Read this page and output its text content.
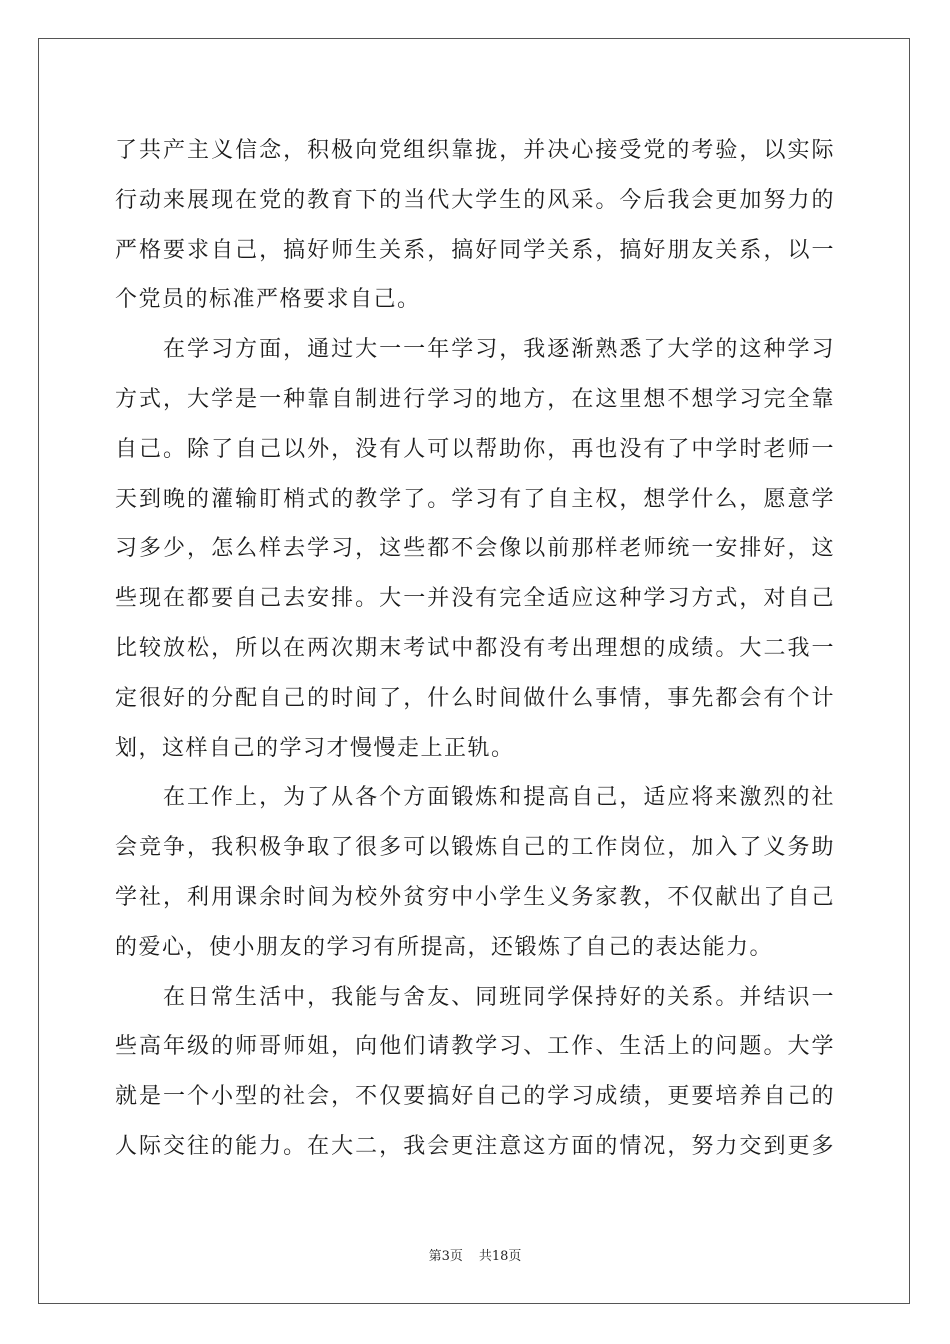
了共产主义信念，积极向党组织靠拢，并决心接受党的考验，以实际
行动来展现在党的教育下的当代大学生的风采。今后我会更加努力的
严格要求自己，搞好师生关系，搞好同学关系，搞好朋友关系，以一
个党员的标准严格要求自己。
在学习方面，通过大一一年学习，我逐渐熟悉了大学的这种学习
方式，大学是一种靠自制进行学习的地方，在这里想不想学习完全靠
自己。除了自己以外，没有人可以帮助你，再也没有了中学时老师一
天到晚的灌输盯梢式的教学了。学习有了自主权，想学什么，愿意学
习多少，怎么样去学习，这些都不会像以前那样老师统一安排好，这
些现在都要自己去安排。大一并没有完全适应这种学习方式，对自己
比较放松，所以在两次期末考试中都没有考出理想的成绩。大二我一
定很好的分配自己的时间了，什么时间做什么事情，事先都会有个计
划，这样自己的学习才慢慢走上正轨。
在工作上，为了从各个方面锻炼和提高自己，适应将来激烈的社
会竞争，我积极争取了很多可以锻炼自己的工作岗位，加入了义务助
学社，利用课余时间为校外贫穷中小学生义务家教，不仅献出了自己
的爱心，使小朋友的学习有所提高，还锻炼了自己的表达能力。
在日常生活中，我能与舍友、同班同学保持好的关系。并结识一
些高年级的师哥师姐，向他们请教学习、工作、生活上的问题。大学
就是一个小型的社会，不仅要搞好自己的学习成绩，更要培养自己的
人际交往的能力。在大二，我会更注意这方面的情况，努力交到更多
第3页 共18页
